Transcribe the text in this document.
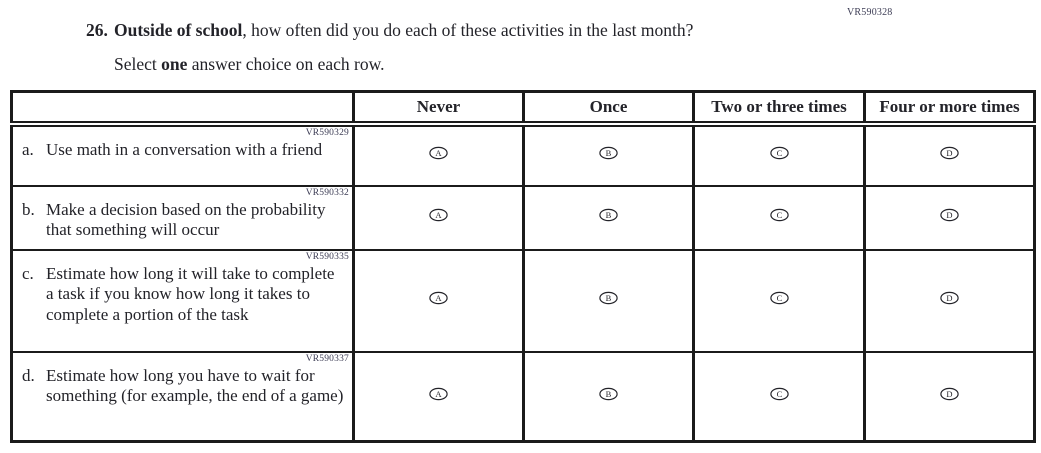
VR590328
26. Outside of school, how often did you do each of these activities in the last month?
Select one answer choice on each row.
	Never	Once	Two or three times	Four or more times

VR590329
a. Use math in a conversation with a friend	A	B	C	D

VR590332
b. Make a decision based on the probability that something will occur	A	B	C	D

VR590335
c. Estimate how long it will take to complete a task if you know how long it takes to complete a portion of the task	A	B	C	D

VR590337
d. Estimate how long you have to wait for something (for example, the end of a game)	A	B	C	D
